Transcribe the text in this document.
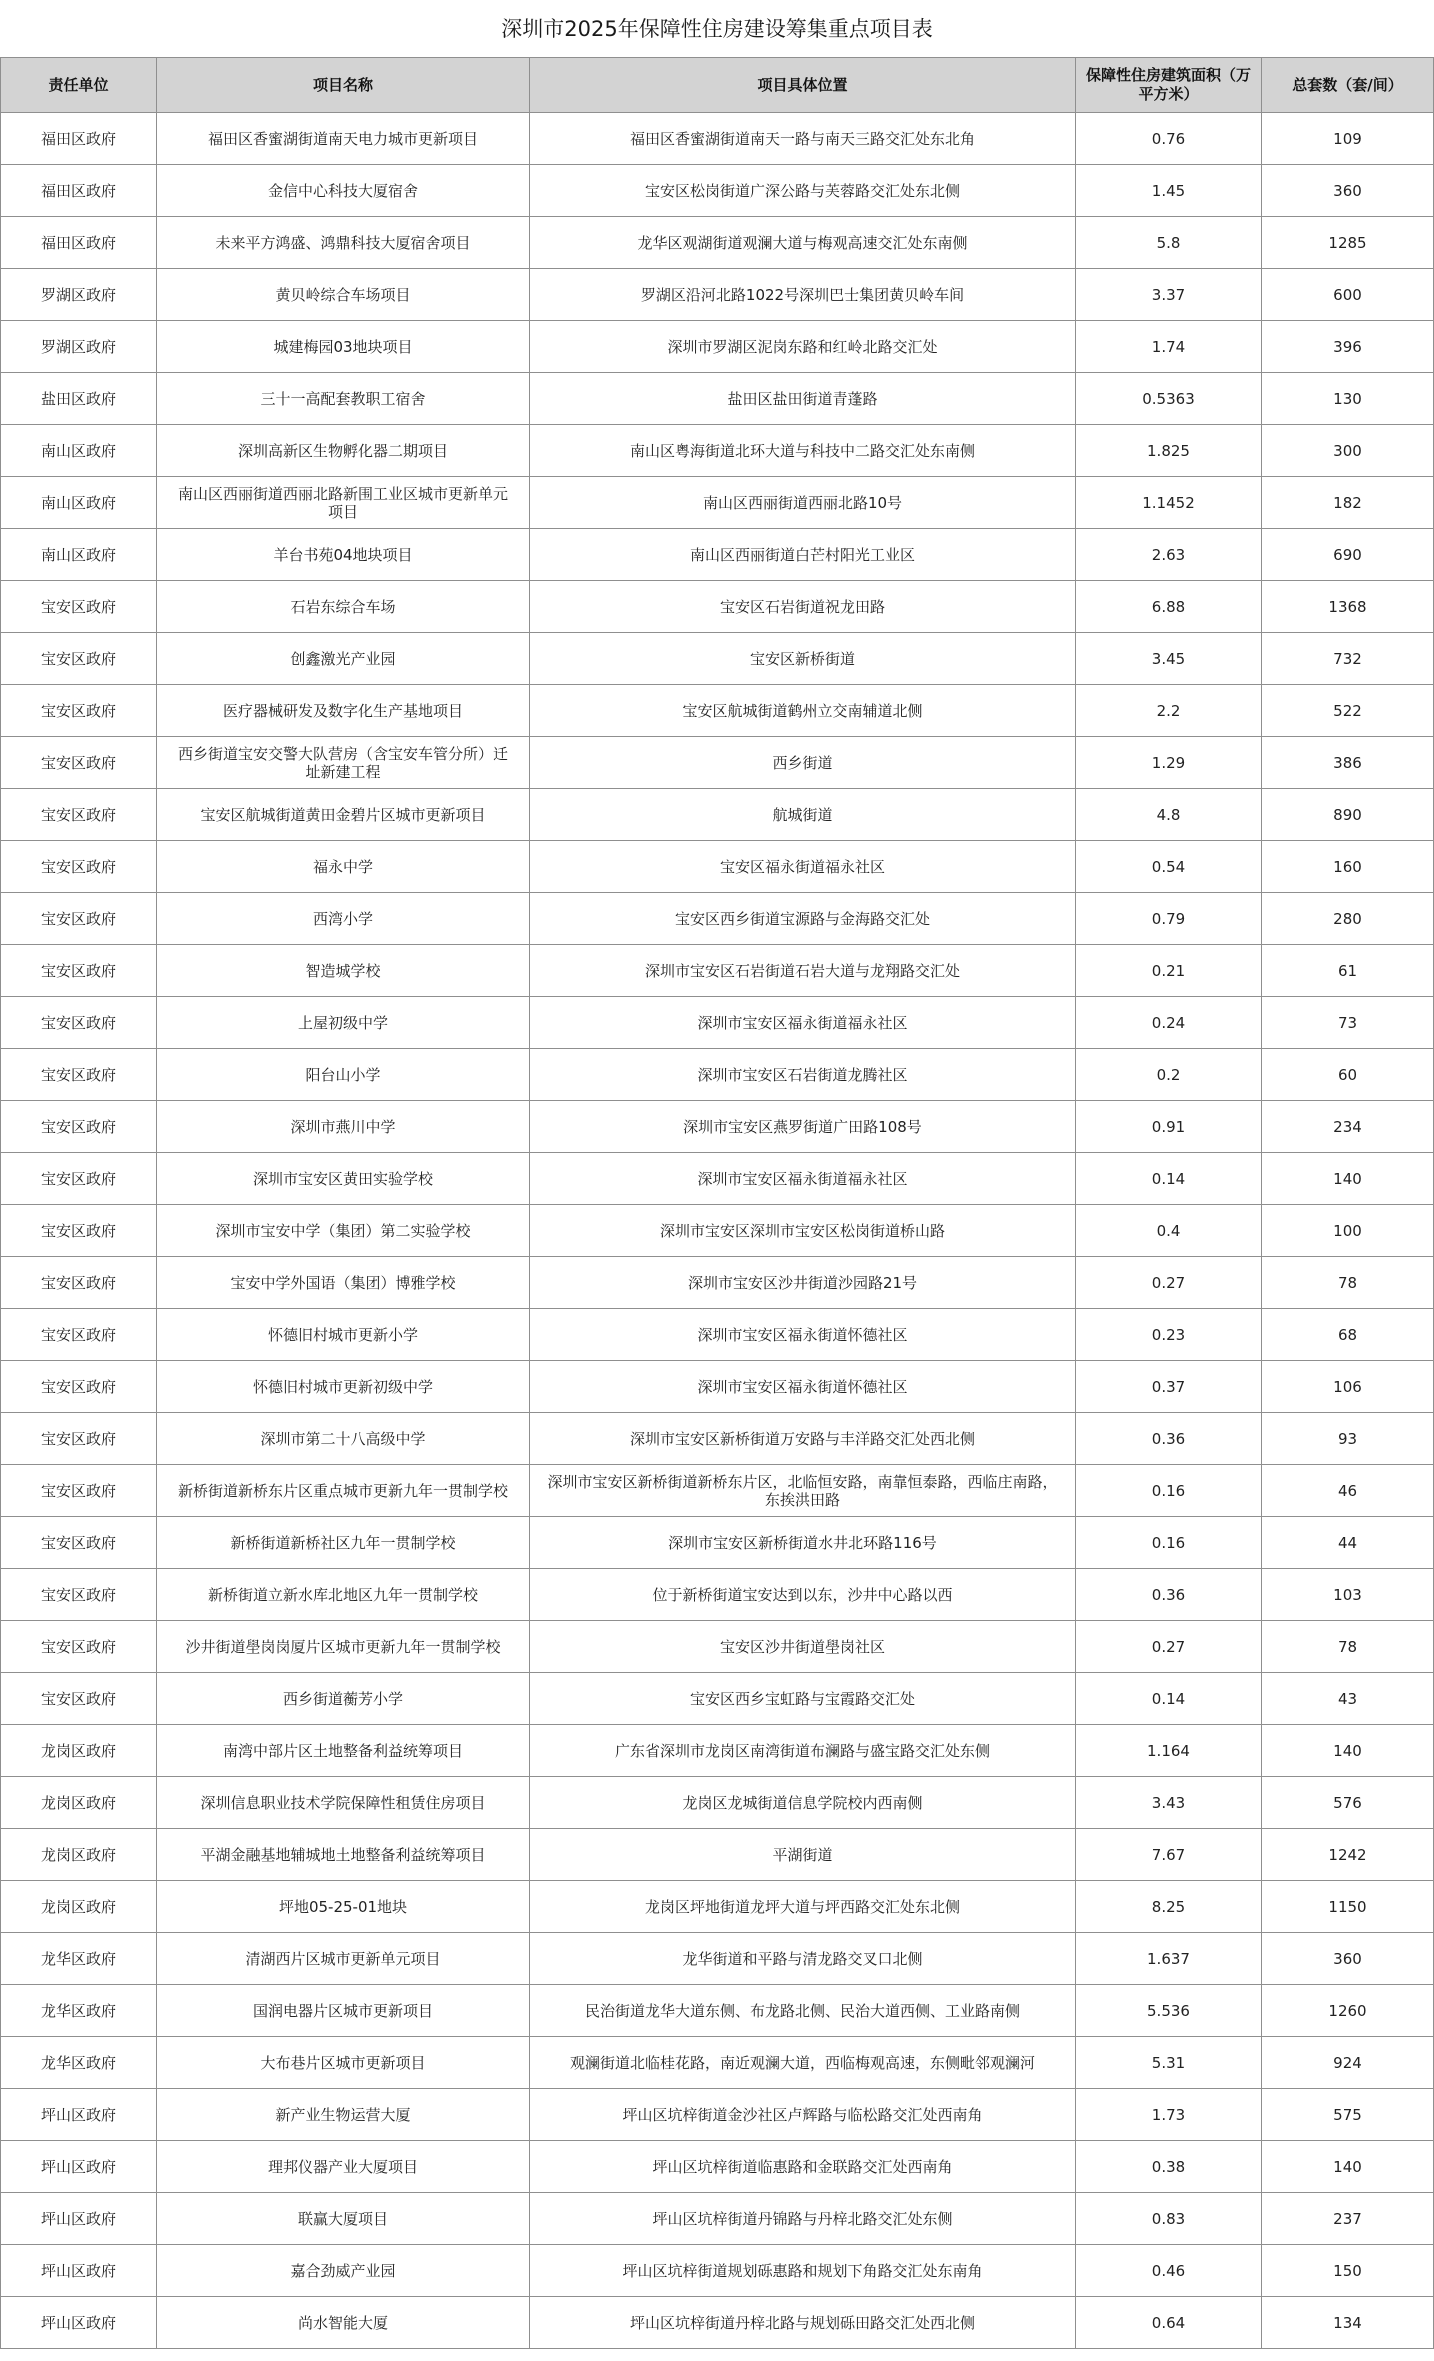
深圳市2025年保障性住房建设筹集重点项目表
责任单位	项目名称	项目具体位置	保障性住房建筑面积（万平方米）	总套数（套/间）
福田区政府	福田区香蜜湖街道南天电力城市更新项目	福田区香蜜湖街道南天一路与南天三路交汇处东北角	0.76	109
福田区政府	金信中心科技大厦宿舍	宝安区松岗街道广深公路与芙蓉路交汇处东北侧	1.45	360
福田区政府	未来平方鸿盛、鸿鼎科技大厦宿舍项目	龙华区观湖街道观澜大道与梅观高速交汇处东南侧	5.8	1285
罗湖区政府	黄贝岭综合车场项目	罗湖区沿河北路1022号深圳巴士集团黄贝岭车间	3.37	600
罗湖区政府	城建梅园03地块项目	深圳市罗湖区泥岗东路和红岭北路交汇处	1.74	396
盐田区政府	三十一高配套教职工宿舍	盐田区盐田街道青蓬路	0.5363	130
南山区政府	深圳高新区生物孵化器二期项目	南山区粤海街道北环大道与科技中二路交汇处东南侧	1.825	300
南山区政府	南山区西丽街道西丽北路新围工业区城市更新单元项目	南山区西丽街道西丽北路10号	1.1452	182
南山区政府	羊台书苑04地块项目	南山区西丽街道白芒村阳光工业区	2.63	690
宝安区政府	石岩东综合车场	宝安区石岩街道祝龙田路	6.88	1368
宝安区政府	创鑫激光产业园	宝安区新桥街道	3.45	732
宝安区政府	医疗器械研发及数字化生产基地项目	宝安区航城街道鹤州立交南辅道北侧	2.2	522
宝安区政府	西乡街道宝安交警大队营房（含宝安车管分所）迁址新建工程	西乡街道	1.29	386
宝安区政府	宝安区航城街道黄田金碧片区城市更新项目	航城街道	4.8	890
宝安区政府	福永中学	宝安区福永街道福永社区	0.54	160
宝安区政府	西湾小学	宝安区西乡街道宝源路与金海路交汇处	0.79	280
宝安区政府	智造城学校	深圳市宝安区石岩街道石岩大道与龙翔路交汇处	0.21	61
宝安区政府	上屋初级中学	深圳市宝安区福永街道福永社区	0.24	73
宝安区政府	阳台山小学	深圳市宝安区石岩街道龙腾社区	0.2	60
宝安区政府	深圳市燕川中学	深圳市宝安区燕罗街道广田路108号	0.91	234
宝安区政府	深圳市宝安区黄田实验学校	深圳市宝安区福永街道福永社区	0.14	140
宝安区政府	深圳市宝安中学（集团）第二实验学校	深圳市宝安区深圳市宝安区松岗街道桥山路	0.4	100
宝安区政府	宝安中学外国语（集团）博雅学校	深圳市宝安区沙井街道沙园路21号	0.27	78
宝安区政府	怀德旧村城市更新小学	深圳市宝安区福永街道怀德社区	0.23	68
宝安区政府	怀德旧村城市更新初级中学	深圳市宝安区福永街道怀德社区	0.37	106
宝安区政府	深圳市第二十八高级中学	深圳市宝安区新桥街道万安路与丰洋路交汇处西北侧	0.36	93
宝安区政府	新桥街道新桥东片区重点城市更新九年一贯制学校	深圳市宝安区新桥街道新桥东片区，北临恒安路，南靠恒泰路，西临庄南路，东挨洪田路	0.16	46
宝安区政府	新桥街道新桥社区九年一贯制学校	深圳市宝安区新桥街道水井北环路116号	0.16	44
宝安区政府	新桥街道立新水库北地区九年一贯制学校	位于新桥街道宝安达到以东，沙井中心路以西	0.36	103
宝安区政府	沙井街道壆岗岗厦片区城市更新九年一贯制学校	宝安区沙井街道壆岗社区	0.27	78
宝安区政府	西乡街道蘅芳小学	宝安区西乡宝虹路与宝霞路交汇处	0.14	43
龙岗区政府	南湾中部片区土地整备利益统筹项目	广东省深圳市龙岗区南湾街道布澜路与盛宝路交汇处东侧	1.164	140
龙岗区政府	深圳信息职业技术学院保障性租赁住房项目	龙岗区龙城街道信息学院校内西南侧	3.43	576
龙岗区政府	平湖金融基地辅城地土地整备利益统筹项目	平湖街道	7.67	1242
龙岗区政府	坪地05-25-01地块	龙岗区坪地街道龙坪大道与坪西路交汇处东北侧	8.25	1150
龙华区政府	清湖西片区城市更新单元项目	龙华街道和平路与清龙路交叉口北侧	1.637	360
龙华区政府	国润电器片区城市更新项目	民治街道龙华大道东侧、布龙路北侧、民治大道西侧、工业路南侧	5.536	1260
龙华区政府	大布巷片区城市更新项目	观澜街道北临桂花路，南近观澜大道，西临梅观高速，东侧毗邻观澜河	5.31	924
坪山区政府	新产业生物运营大厦	坪山区坑梓街道金沙社区卢辉路与临松路交汇处西南角	1.73	575
坪山区政府	理邦仪器产业大厦项目	坪山区坑梓街道临惠路和金联路交汇处西南角	0.38	140
坪山区政府	联赢大厦项目	坪山区坑梓街道丹锦路与丹梓北路交汇处东侧	0.83	237
坪山区政府	嘉合劲威产业园	坪山区坑梓街道规划砾惠路和规划下角路交汇处东南角	0.46	150
坪山区政府	尚水智能大厦	坪山区坑梓街道丹梓北路与规划砾田路交汇处西北侧	0.64	134
